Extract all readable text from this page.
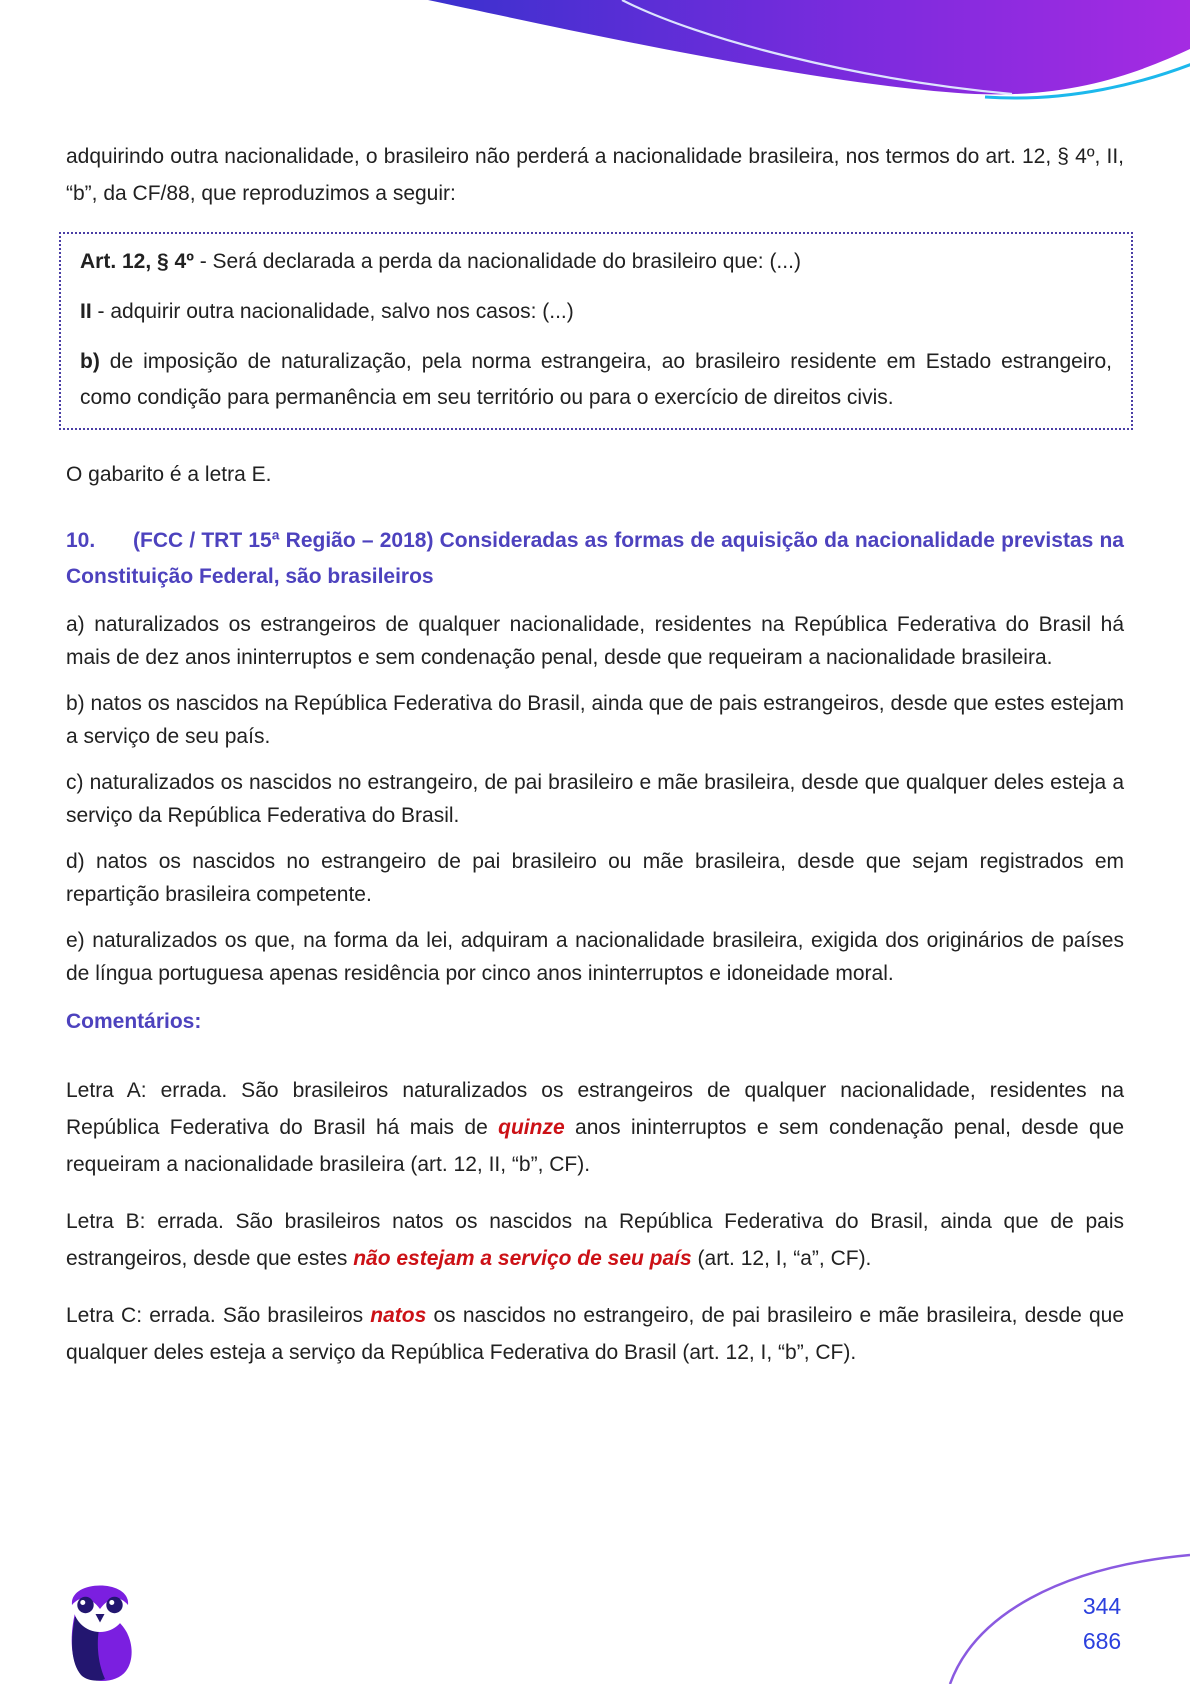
adquirindo outra nacionalidade, o brasileiro não perderá a nacionalidade brasileira, nos termos do art. 12, § 4º, II, “b”, da CF/88, que reproduzimos a seguir:

Art. 12, § 4º - Será declarada a perda da nacionalidade do brasileiro que: (...)

II - adquirir outra nacionalidade, salvo nos casos: (...)

b) de imposição de naturalização, pela norma estrangeira, ao brasileiro residente em Estado estrangeiro, como condição para permanência em seu território ou para o exercício de direitos civis.

O gabarito é a letra E.

10. (FCC / TRT 15ª Região – 2018) Consideradas as formas de aquisição da nacionalidade previstas na Constituição Federal, são brasileiros

a) naturalizados os estrangeiros de qualquer nacionalidade, residentes na República Federativa do Brasil há mais de dez anos ininterruptos e sem condenação penal, desde que requeiram a nacionalidade brasileira.

b) natos os nascidos na República Federativa do Brasil, ainda que de pais estrangeiros, desde que estes estejam a serviço de seu país.

c) naturalizados os nascidos no estrangeiro, de pai brasileiro e mãe brasileira, desde que qualquer deles esteja a serviço da República Federativa do Brasil.

d) natos os nascidos no estrangeiro de pai brasileiro ou mãe brasileira, desde que sejam registrados em repartição brasileira competente.

e) naturalizados os que, na forma da lei, adquiram a nacionalidade brasileira, exigida dos originários de países de língua portuguesa apenas residência por cinco anos ininterruptos e idoneidade moral.

Comentários:

Letra A: errada. São brasileiros naturalizados os estrangeiros de qualquer nacionalidade, residentes na República Federativa do Brasil há mais de quinze anos ininterruptos e sem condenação penal, desde que requeiram a nacionalidade brasileira (art. 12, II, “b”, CF).

Letra B: errada. São brasileiros natos os nascidos na República Federativa do Brasil, ainda que de pais estrangeiros, desde que estes não estejam a serviço de seu país (art. 12, I, “a”, CF).

Letra C: errada. São brasileiros natos os nascidos no estrangeiro, de pai brasileiro e mãe brasileira, desde que qualquer deles esteja a serviço da República Federativa do Brasil (art. 12, I, “b”, CF).

344
686
